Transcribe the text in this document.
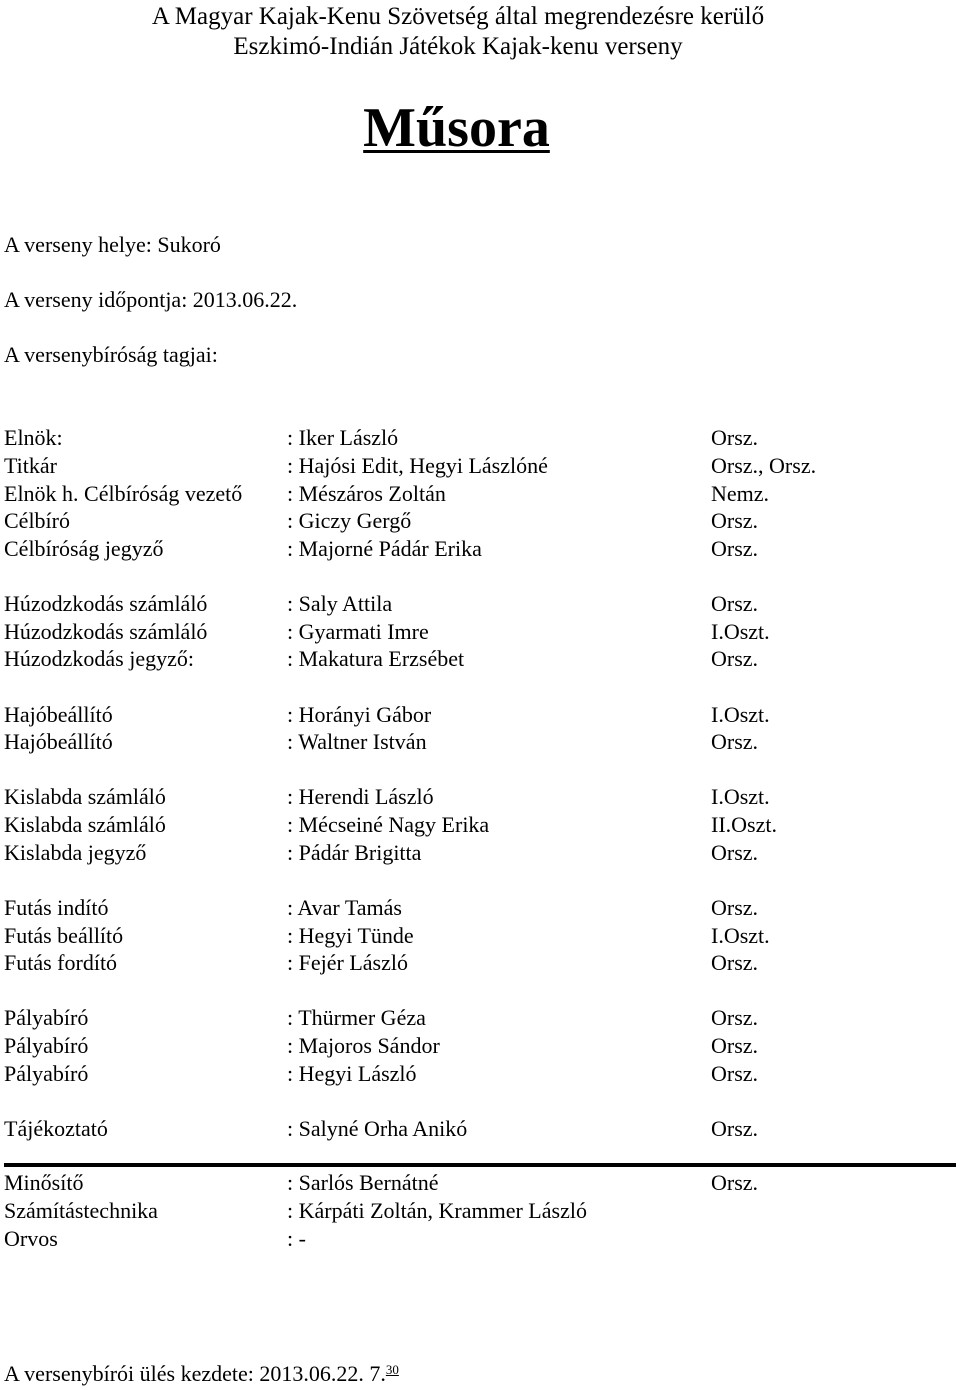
A Magyar Kajak-Kenu Szövetség által megrendezésre kerülő
Eszkimó-Indián Játékok Kajak-kenu verseny
Műsora
A verseny helye: Sukoró
A verseny időpontja: 2013.06.22.
A versenybíróság tagjai:
Elnök:	: Iker László	Orsz.
Titkár	: Hajósi Edit, Hegyi Lászlóné	Orsz., Orsz.
Elnök h. Célbíróság vezető : Mészáros Zoltán	Nemz.
Célbíró	: Giczy Gergő	Orsz.
Célbíróság jegyző	: Majorné Pádár Erika	Orsz.
Húzodzkodás számláló	: Saly Attila	Orsz.
Húzodzkodás számláló	: Gyarmati Imre	I.Oszt.
Húzodzkodás jegyző:	: Makatura Erzsébet	Orsz.
Hajóbeállító	: Horányi Gábor	I.Oszt.
Hajóbeállító	: Waltner István	Orsz.
Kislabda számláló	: Herendi László	I.Oszt.
Kislabda számláló	: Mécseiné Nagy Erika	II.Oszt.
Kislabda jegyző	: Pádár Brigitta	Orsz.
Futás indító	: Avar Tamás	Orsz.
Futás beállító	: Hegyi Tünde	I.Oszt.
Futás fordító	: Fejér László	Orsz.
Pályabíró	: Thürmer Géza	Orsz.
Pályabíró	: Majoros Sándor	Orsz.
Pályabíró	: Hegyi László	Orsz.
Tájékoztató	: Salyné Orha Anikó	Orsz.
Minősítő	: Sarlós Bernátné	Orsz.
Számítástechnika	: Kárpáti Zoltán, Krammer László
Orvos	: -
A versenybírói ülés kezdete: 2013.06.22. 7.30
